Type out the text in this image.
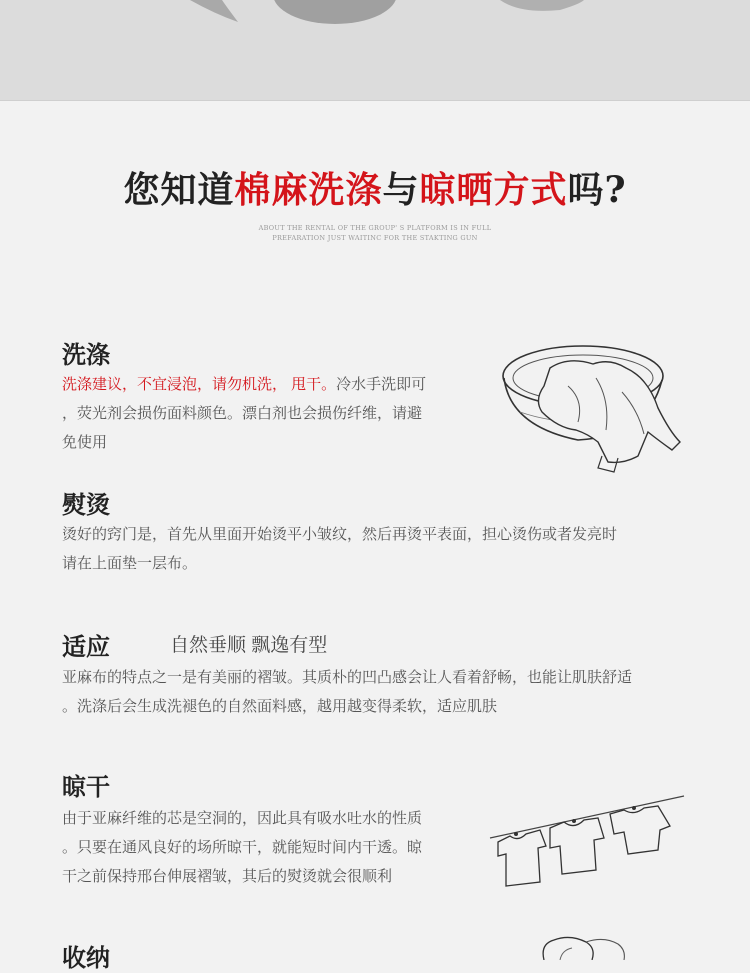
您知道棉麻洗涤与晾晒方式吗?
ABOUT THE RENTAL OF THE GROUP' S PLATFORM IS IN FULL
PREFARATION JUST WAITINC FOR THE STAKTING GUN
洗涤
洗涤建议，不宜浸泡，请勿机洗， 甩干。冷水手洗即可
，荧光剂会损伤面料颜色。漂白剂也会损伤纤维，请避
免使用
熨烫
烫好的窍门是，首先从里面开始烫平小皱纹，然后再烫平表面，担心烫伤或者发亮时
请在上面垫一层布。
适应	自然垂顺 飘逸有型
亚麻布的特点之一是有美丽的褶皱。其质朴的凹凸感会让人看着舒畅，也能让肌肤舒适
。洗涤后会生成洗褪色的自然面料感，越用越变得柔软，适应肌肤
晾干
由于亚麻纤维的芯是空洞的，因此具有吸水吐水的性质
。只要在通风良好的场所晾干，就能短时间内干透。晾
干之前保持邢台伸展褶皱，其后的熨烫就会很顺利
收纳
